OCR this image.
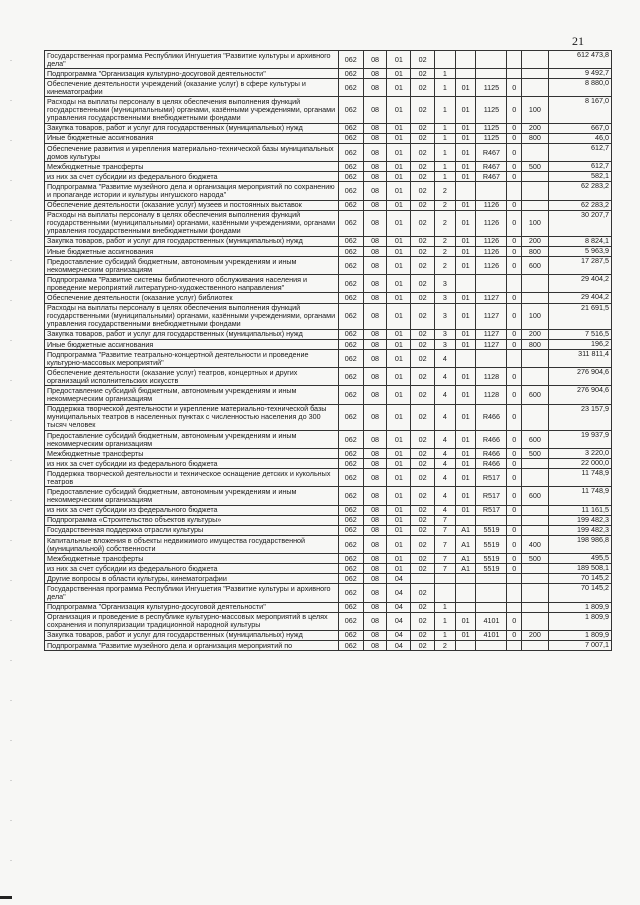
21
Государственная программа Республики Ингушетия "Развитие культуры и архивного дела"	062	08	01	02						612 473,8
Подпрограмма "Организация культурно-досуговой деятельности"	062	08	01	02	1					9 492,7
Обеспечение деятельности учреждений (оказание услуг) в сфере культуры и кинематографии	062	08	01	02	1	01	1125	0		8 880,0
Расходы на выплаты персоналу в целях обеспечения выполнения функций государственными (муниципальными) органами, казёнными учреждениями, органами управления государственными внебюджетными фондами	062	08	01	02	1	01	1125	0	100	8 167,0
Закупка товаров, работ и услуг для государственных (муниципальных) нужд	062	08	01	02	1	01	1125	0	200	667,0
Иные бюджетные ассигнования	062	08	01	02	1	01	1125	0	800	46,0
Обеспечение развития и укрепления материально-технической базы муниципальных домов культуры	062	08	01	02	1	01	R467	0		612,7
Межбюджетные трансферты	062	08	01	02	1	01	R467	0	500	612,7
из них за счет субсидии из федерального бюджета	062	08	01	02	1	01	R467	0		582,1
Подпрограмма "Развитие музейного дела и организация мероприятий по сохранению и пропаганде истории и культуры ингушского народа"	062	08	01	02	2					62 283,2
Обеспечение деятельности (оказание услуг) музеев и постоянных выставок	062	08	01	02	2	01	1126	0		62 283,2
Расходы на выплаты персоналу в целях обеспечения выполнения функций государственными (муниципальными) органами, казёнными учреждениями, органами управления государственными внебюджетными фондами	062	08	01	02	2	01	1126	0	100	30 207,7
Закупка товаров, работ и услуг для государственных (муниципальных) нужд	062	08	01	02	2	01	1126	0	200	8 824,1
Иные бюджетные ассигнования	062	08	01	02	2	01	1126	0	800	5 963,9
Предоставление субсидий бюджетным, автономным учреждениям и иным некоммерческим организациям	062	08	01	02	2	01	1126	0	600	17 287,5
Подпрограмма "Развитие системы библиотечного обслуживания населения и проведение мероприятий литературно-художественного направления"	062	08	01	02	3					29 404,2
Обеспечение деятельности (оказание услуг) библиотек	062	08	01	02	3	01	1127	0		29 404,2
Расходы на выплаты персоналу в целях обеспечения выполнения функций государственными (муниципальными) органами, казёнными учреждениями, органами управления государственными внебюджетными фондами	062	08	01	02	3	01	1127	0	100	21 691,5
Закупка товаров, работ и услуг для государственных (муниципальных) нужд	062	08	01	02	3	01	1127	0	200	7 516,5
Иные бюджетные ассигнования	062	08	01	02	3	01	1127	0	800	196,2
Подпрограмма "Развитие театрально-концертной деятельности и проведение культурно-массовых мероприятий"	062	08	01	02	4					311 811,4
Обеспечение деятельности (оказание услуг) театров, концертных и других организаций исполнительских искусств	062	08	01	02	4	01	1128	0		276 904,6
Предоставление субсидий бюджетным, автономным учреждениям и иным некоммерческим организациям	062	08	01	02	4	01	1128	0	600	276 904,6
Поддержка творческой деятельности и укрепление материально-технической базы муниципальных театров в населенных пунктах с численностью населения до 300 тысяч человек	062	08	01	02	4	01	R466	0		23 157,9
Предоставление субсидий бюджетным, автономным учреждениям и иным некоммерческим организациям	062	08	01	02	4	01	R466	0	600	19 937,9
Межбюджетные трансферты	062	08	01	02	4	01	R466	0	500	3 220,0
из них за счет субсидии из федерального бюджета	062	08	01	02	4	01	R466	0		22 000,0
Поддержка творческой деятельности и техническое оснащение детских и кукольных театров	062	08	01	02	4	01	R517	0		11 748,9
Предоставление субсидий бюджетным, автономным учреждениям и иным некоммерческим организациям	062	08	01	02	4	01	R517	0	600	11 748,9
из них за счет субсидии из федерального бюджета	062	08	01	02	4	01	R517	0		11 161,5
Подпрограмма «Строительство объектов культуры»	062	08	01	02	7					199 482,3
Государственная поддержка отрасли культуры	062	08	01	02	7	A1	5519	0		199 482,3
Капитальные вложения в объекты недвижимого имущества государственной (муниципальной) собственности	062	08	01	02	7	A1	5519	0	400	198 986,8
Межбюджетные трансферты	062	08	01	02	7	A1	5519	0	500	495,5
из них за счет субсидии из федерального бюджета	062	08	01	02	7	A1	5519	0		189 508,1
Другие вопросы в области культуры, кинематографии	062	08	04							70 145,2
Государственная программа Республики Ингушетия "Развитие культуры и архивного дела"	062	08	04	02						70 145,2
Подпрограмма "Организация культурно-досуговой деятельности"	062	08	04	02	1					1 809,9
Организация и проведение в республике культурно-массовых мероприятий в целях сохранения и популяризации традиционной народной культуры	062	08	04	02	1	01	4101	0		1 809,9
Закупка товаров, работ и услуг для государственных (муниципальных) нужд	062	08	04	02	1	01	4101	0	200	1 809,9
Подпрограмма "Развитие музейного дела и организация мероприятий по	062	08	04	02	2					7 007,1
